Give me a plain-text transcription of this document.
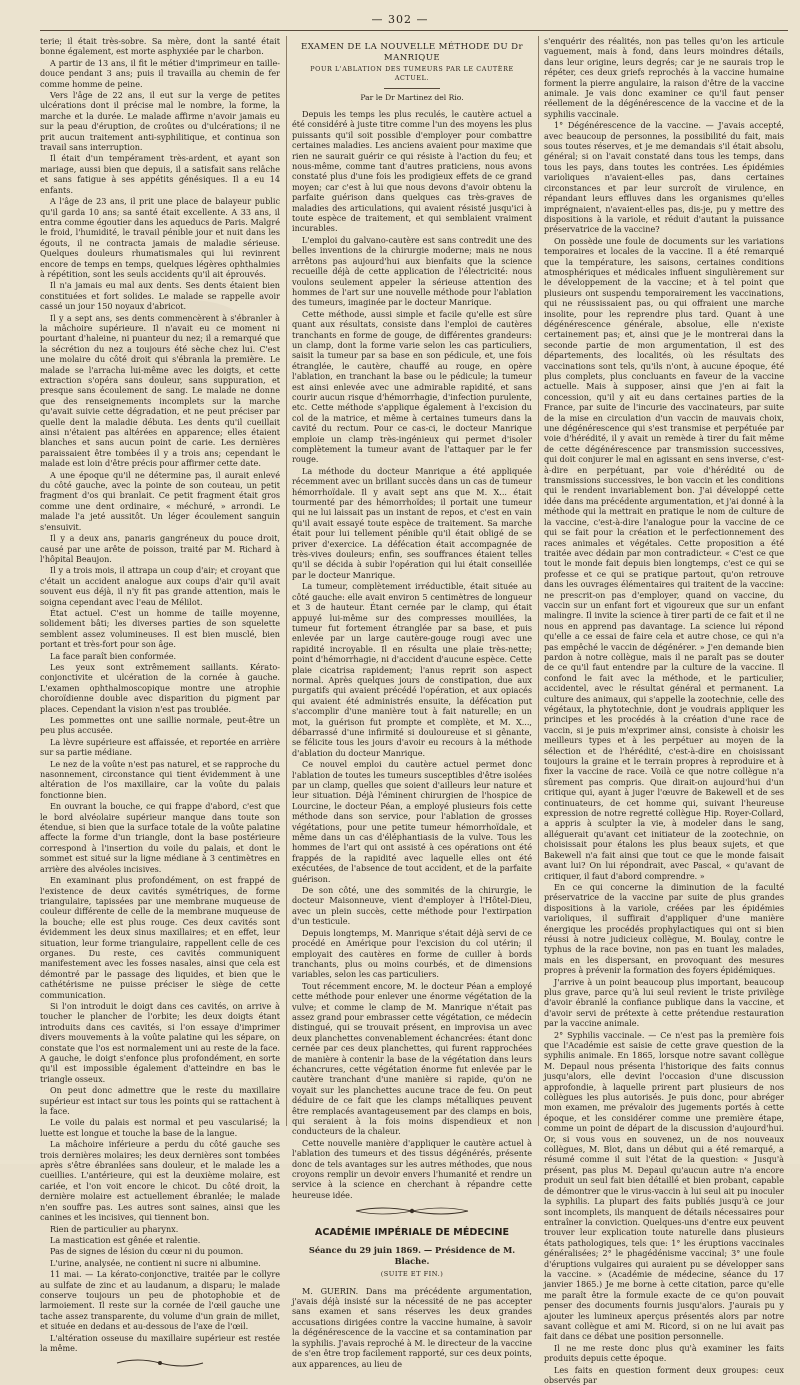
— 302 —

terie; il était très-sobre. Sa mère, dont la santé était bonne également, est morte asphyxiée par le charbon.

A partir de 13 ans, il fit le métier d'imprimeur en taille-douce pendant 3 ans; puis il travailla au chemin de fer comme homme de peine.

Vers l'âge de 22 ans, il eut sur la verge de petites ulcérations dont il précise mal le nombre, la forme, la marche et la durée. Le malade affirme n'avoir jamais eu sur la peau d'éruption, de croûtes ou d'ulcérations; il ne prit aucun traitement anti-syphilitique, et continua son travail sans interruption.

Il était d'un tempérament très-ardent, et ayant son mariage, aussi bien que depuis, il a satisfait sans relâche et sans fatigue à ses appétits génésiques. Il a eu 14 enfants.

A l'âge de 23 ans, il prit une place de balayeur public qu'il garda 10 ans; sa santé était excellente. A 33 ans, il entra comme égoutier dans les aqueducs de Paris. Malgré le froid, l'humidité, le travail pénible jour et nuit dans les égouts, il ne contracta jamais de maladie sérieuse. Quelques douleurs rhumatismales qui lui revinrent encore de temps en temps, quelques légères ophthalmies à répétition, sont les seuls accidents qu'il ait éprouvés.

Il n'a jamais eu mal aux dents. Ses dents étaient bien constituées et fort solides. Le malade se rappelle avoir cassé un jour 150 noyaux d'abricot.

Il y a sept ans, ses dents commencèrent à s'ébranler à la mâchoire supérieure. Il n'avait eu ce moment ni pourtant d'haleine, ni puanteur du nez; il a remarqué que la sécrétion du nez a toujours été sèche chez lui. C'est une molaire du côté droit qui s'ébranla la première. Le malade se l'arracha lui-même avec les doigts, et cette extraction s'opéra sans douleur, sans suppuration, et presque sans écoulement de sang. Le malade ne donne que des renseignements incomplets sur la marche qu'avait suivie cette dégradation, et ne peut préciser par quelle dent la maladie débuta. Les dents qu'il cueillait ainsi n'étaient pas altérées en apparence; elles étaient blanches et sans aucun point de carie. Les dernières paraissaient être tombées il y a trois ans; cependant le malade est loin d'être précis pour affirmer cette date.

A une époque qu'il ne détermine pas, il aurait enlevé du côté gauche, avec la pointe de son couteau, un petit fragment d'os qui branlait. Ce petit fragment était gros comme une dent ordinaire, « méchuré, » arrondi. Le malade l'a jeté aussitôt. Un léger écoulement sanguin s'ensuivit.

Il y a deux ans, panaris gangréneux du pouce droit, causé par une arête de poisson, traité par M. Richard à l'hôpital Beaujon.

Il y a trois mois, il attrapa un coup d'air; et croyant que c'était un accident analogue aux coups d'air qu'il avait souvent eus déjà, il n'y fit pas grande attention, mais le soigna cependant avec l'eau de Mélilot.

État actuel. C'est un homme de taille moyenne, solidement bâti; les diverses parties de son squelette semblent assez volumineuses. Il est bien musclé, bien portant et très-fort pour son âge.

La face paraît bien conformée.

Les yeux sont extrêmement saillants. Kérato-conjonctivite et ulcération de la cornée à gauche. L'examen ophthalmoscopique montre une atrophie choroïdienne double avec disparition du pigment par places. Cependant la vision n'est pas troublée.

Les pommettes ont une saillie normale, peut-être un peu plus accusée.

La lèvre supérieure est affaissée, et reportée en arrière sur sa partie médiane.

Le nez de la voûte n'est pas naturel, et se rapproche du nasonnement, circonstance qui tient évidemment à une altération de l'os maxillaire, car la voûte du palais fonctionne bien.

En ouvrant la bouche, ce qui frappe d'abord, c'est que le bord alvéolaire supérieur manque dans toute son étendue, si bien que la surface totale de la voûte palatine affecte la forme d'un triangle, dont la base postérieure correspond à l'insertion du voile du palais, et dont le sommet est situé sur la ligne médiane à 3 centimètres en arrière des alvéoles incisives.

En examinant plus profondément, on est frappé de l'existence de deux cavités symétriques, de forme triangulaire, tapissées par une membrane muqueuse de couleur différente de celle de la membrane muqueuse de la bouche; elle est plus rouge. Ces deux cavités sont évidemment les deux sinus maxillaires; et en effet, leur situation, leur forme triangulaire, rappellent celle de ces organes. Du reste, ces cavités communiquent manifestement avec les fosses nasales, ainsi que cela est démontré par le passage des liquides, et bien que le cathétérisme ne puisse préciser le siège de cette communication.

Si l'on introduit le doigt dans ces cavités, on arrive à toucher le plancher de l'orbite; les deux doigts étant introduits dans ces cavités, si l'on essaye d'imprimer divers mouvements à la voûte palatine qui les sépare, on constate que l'os est normalement uni au reste de la face. A gauche, le doigt s'enfonce plus profondément, en sorte qu'il est impossible également d'atteindre en bas le triangle osseux.

On peut donc admettre que le reste du maxillaire supérieur est intact sur tous les points qui se rattachent à la face.

Le voile du palais est normal et peu vascularisé; la luette est longue et touche la base de la langue.

La mâchoire inférieure a perdu du côté gauche ses trois dernières molaires; les deux dernières sont tombées après s'être ébranlées sans douleur, et le malade les a cueillies. L'antérieure, qui est la deuxième molaire, est cariée, et l'on voit encore le chicot. Du côté droit, la dernière molaire est actuellement ébranlée; le malade n'en souffre pas. Les autres sont saines, ainsi que les canines et les incisives, qui tiennent bon.

Rien de particulier au pharynx.

La mastication est gênée et ralentie.

Pas de signes de lésion du cœur ni du poumon.

L'urine, analysée, ne contient ni sucre ni albumine.

11 mai. — La kérato-conjonctive, traitée par le collyre au sulfate de zinc et au laudanum, a disparu; le malade conserve toujours un peu de photophobie et de larmoiement. Il reste sur la cornée de l'œil gauche une tache assez transparente, du volume d'un grain de millet, et située en dedans et au-dessous de l'axe de l'œil.

L'altération osseuse du maxillaire supérieur est restée la même.

EXAMEN DE LA NOUVELLE MÉTHODE DU Dr MANRIQUE
POUR L'ABLATION DES TUMEURS PAR LE CAUTÈRE ACTUEL.
Par le Dr Martinez del Rio.

Depuis les temps les plus reculés, le cautère actuel a été considéré à juste titre comme l'un des moyens les plus puissants qu'il soit possible d'employer pour combattre certaines maladies. Les anciens avaient pour maxime que rien ne saurait guérir ce qui résiste à l'action du feu; et nous-même, comme tant d'autres praticiens, nous avons constaté plus d'une fois les prodigieux effets de ce grand moyen; car c'est à lui que nous devons d'avoir obtenu la parfaite guérison dans quelques cas très-graves de maladies des articulations, qui avaient résisté jusqu'ici à toute espèce de traitement, et qui semblaient vraiment incurables.

L'emploi du galvano-cautère est sans contredit une des belles inventions de la chirurgie moderne; mais ne nous arrêtons pas aujourd'hui aux bienfaits que la science recueille déjà de cette application de l'électricité: nous voulons seulement appeler la sérieuse attention des hommes de l'art sur une nouvelle méthode pour l'ablation des tumeurs, imaginée par le docteur Manrique.

Cette méthode, aussi simple et facile qu'elle est sûre quant aux résultats, consiste dans l'emploi de cautères tranchants en forme de gouge, de différentes grandeurs: un clamp, dont la forme varie selon les cas particuliers, saisit la tumeur par sa base en son pédicule, et, une fois étranglée, le cautère, chauffé au rouge, en opère l'ablation, en tranchant la base ou le pédicule; la tumeur est ainsi enlevée avec une admirable rapidité, et sans courir aucun risque d'hémorrhagie, d'infection purulente, etc. Cette méthode s'applique également à l'excision du col de la matrice, et même à certaines tumeurs dans la cavité du rectum. Pour ce cas-ci, le docteur Manrique emploie un clamp très-ingénieux qui permet d'isoler complètement la tumeur avant de l'attaquer par le fer rouge.

La méthode du docteur Manrique a été appliquée récemment avec un brillant succès dans un cas de tumeur hémorrhoïdale. Il y avait sept ans que M. X... était tourmenté par des hémorrhoïdes; il portait une tumeur qui ne lui laissait pas un instant de repos, et c'est en vain qu'il avait essayé toute espèce de traitement. Sa marche était pour lui tellement pénible qu'il était obligé de se priver d'exercice. La défécation était accompagnée de très-vives douleurs; enfin, ses souffrances étaient telles qu'il se décida à subir l'opération qui lui était conseillée par le docteur Manrique.

La tumeur, complètement irréductible, était située au côté gauche: elle avait environ 5 centimètres de longueur et 3 de hauteur. Étant cernée par le clamp, qui était appuyé lui-même sur des compresses mouillées, la tumeur fut fortement étranglée par sa base, et puis enlevée par un large cautère-gouge rougi avec une rapidité incroyable. Il en résulta une plaie très-nette; point d'hémorrhagie, ni d'accident d'aucune espèce. Cette plaie cicatrisa rapidement; l'anus reprit son aspect normal. Après quelques jours de constipation, due aux purgatifs qui avaient précédé l'opération, et aux opiacés qui avaient été administrés ensuite, la défécation put s'accomplir d'une manière tout à fait naturelle; en un mot, la guérison fut prompte et complète, et M. X..., débarrassé d'une infirmité si douloureuse et si gênante, se félicite tous les jours d'avoir eu recours à la méthode d'ablation du docteur Manrique.

Ce nouvel emploi du cautère actuel permet donc l'ablation de toutes les tumeurs susceptibles d'être isolées par un clamp, quelles que soient d'ailleurs leur nature et leur situation. Déjà l'éminent chirurgien de l'hospice de Lourcine, le docteur Péan, a employé plusieurs fois cette méthode dans son service, pour l'ablation de grosses végétations, pour une petite tumeur hémorrhoïdale, et même dans un cas d'éléphantiasis de la vulve. Tous les hommes de l'art qui ont assisté à ces opérations ont été frappés de la rapidité avec laquelle elles ont été exécutées, de l'absence de tout accident, et de la parfaite guérison.

De son côté, une des sommités de la chirurgie, le docteur Maisonneuve, vient d'employer à l'Hôtel-Dieu, avec un plein succès, cette méthode pour l'extirpation d'un testicule.

Depuis longtemps, M. Manrique s'était déjà servi de ce procédé en Amérique pour l'excision du col utérin; il employait des cautères en forme de cuiller à bords tranchants, plus ou moins courbés, et de dimensions variables, selon les cas particuliers.

Tout récemment encore, M. le docteur Péan a employé cette méthode pour enlever une énorme végétation de la vulve; et comme le clamp de M. Manrique n'était pas assez grand pour embrasser cette végétation, ce médecin distingué, qui se trouvait présent, en improvisa un avec deux planchettes convenablement échancrées: étant donc cernée par ces deux planchettes, qui furent rapprochées de manière à contenir la base de la végétation dans leurs échancrures, cette végétation énorme fut enlevée par le cautère tranchant d'une manière si rapide, qu'on ne voyait sur les planchettes aucune trace de feu. On peut déduire de ce fait que les clamps métalliques peuvent être remplacés avantageusement par des clamps en bois, qui seraient à la fois moins dispendieux et non conducteurs de la chaleur.

Cette nouvelle manière d'appliquer le cautère actuel à l'ablation des tumeurs et des tissus dégénérés, présente donc de tels avantages sur les autres méthodes, que nous croyons remplir un devoir envers l'humanité et rendre un service à la science en cherchant à répandre cette heureuse idée.

ACADÉMIE IMPÉRIALE DE MÉDECINE
Séance du 29 juin 1869. — Présidence de M. Blache.
(SUITE ET FIN.)

M. GUERIN. Dans ma précédente argumentation, j'avais déjà insisté sur la nécessité de ne pas accepter sans examen et sans réserves les deux grandes accusations dirigées contre la vaccine humaine, à savoir la dégénérescence de la vaccine et sa contamination par la syphilis. J'avais reproché à M. le directeur de la vaccine de s'en être trop facilement rapporté, sur ces deux points, aux apparences, au lieu de

s'enquérir des réalités, non pas telles qu'on les articule vaguement, mais à fond, dans leurs moindres détails, dans leur origine, leurs degrés; car je ne saurais trop le répéter, ces deux griefs reprochés à la vaccine humaine forment la pierre angulaire, la raison d'être de la vaccine animale. Je vais donc examiner ce qu'il faut penser réellement de la dégénérescence de la vaccine et de la syphilis vaccinale.

1° Dégénérescence de la vaccine. — J'avais accepté, avec beaucoup de personnes, la possibilité du fait, mais sous toutes réserves, et je me demandais s'il était absolu, général; si on l'avait constaté dans tous les temps, dans tous les pays, dans toutes les contrées. Les épidémies varioliques n'avaient-elles pas, dans certaines circonstances et par leur surcroît de virulence, en répandant leurs effluves dans les organismes qu'elles imprégnaient, n'avaient-elles pas, dis-je, pu y mettre des dispositions à la variole, et réduit d'autant la puissance préservatrice de la vaccine?

On possède une foule de documents sur les variations temporaires et locales de la vaccine. Il a été remarqué que la température, les saisons, certaines conditions atmosphériques et médicales influent singulièrement sur le développement de la vaccine; et à tel point que plusieurs ont suspendu temporairement les vaccinations, qui ne réussissaient pas, ou qui offraient une marche insolite, pour les reprendre plus tard. Quant à une dégénérescence générale, absolue, elle n'existe certainement pas; et, ainsi que je le montrerai dans la seconde partie de mon argumentation, il est des départements, des localités, où les résultats des vaccinations sont tels, qu'ils n'ont, à aucune époque, été plus complets, plus concluants en faveur de la vaccine actuelle. Mais à supposer, ainsi que j'en ai fait la concession, qu'il y ait eu dans certaines parties de la France, par suite de l'incurie des vaccinateurs, par suite de la mise en circulation d'un vaccin de mauvais choix, une dégénérescence qui s'est transmise et perpétuée par voie d'hérédité, il y avait un remède à tirer du fait même de cette dégénérescence par transmission successives, qui doit conjurer le mal en agissant en sens inverse, c'est-à-dire en perpétuant, par voie d'hérédité ou de transmissions successives, le bon vaccin et les conditions qui le rendent invariablement bon. J'ai développé cette idée dans ma précédente argumentation, et j'ai donné à la méthode qui la mettrait en pratique le nom de culture de la vaccine, c'est-à-dire l'analogue pour la vaccine de ce qui se fait pour la création et le perfectionnement des races animales et végétales. Cette proposition a été traitée avec dédain par mon contradicteur. « C'est ce que tout le monde fait depuis bien longtemps, c'est ce qui se professe et ce qui se pratique partout, qu'on retrouve dans les ouvrages élémentaires qui traitent de la vaccine: ne prescrit-on pas d'employer, quand on vaccine, du vaccin sur un enfant fort et vigoureux que sur un enfant malingre. Il invite la science à tirer parti de ce fait et il ne nous en apprend pas davantage. La science lui répond qu'elle a ce essai de faire cela et autre chose, ce qui n'a pas empêché le vaccin de dégénérer. » J'en demande bien pardon à notre collègue, mais il ne paraît pas se douter de ce qu'il faut entendre par la culture de la vaccine. Il confond le fait avec la méthode, et le particulier, accidentel, avec le résultat général et permanent. La culture des animaux, qui s'appelle la zootechnie, celle des végétaux, la phytotechnie, dont je voudrais appliquer les principes et les procédés à la création d'une race de vaccin, si je puis m'exprimer ainsi, consiste à choisir les meilleurs types et à les perpétuer au moyen de la sélection et de l'hérédité, c'est-à-dire en choisissant toujours la graine et le terrain propres à reproduire et à fixer la vaccine de race. Voilà ce que notre collègue n'a sûrement pas compris. Que dirait-on aujourd'hui d'un critique qui, ayant à juger l'œuvre de Bakewell et de ses continuateurs, de cet homme qui, suivant l'heureuse expression de notre regretté collègue Hip. Royer-Collard, a appris à sculpter la vie, à modeler dans le sang, alléguerait qu'avant cet initiateur de la zootechnie, on choisissait pour étalons les plus beaux sujets, et que Bakewell n'a fait ainsi que tout ce que le monde faisait avant lui? On lui répondrait, avec Pascal, « qu'avant de critiquer, il faut d'abord comprendre. »

En ce qui concerne la diminution de la faculté préservatrice de la vaccine par suite de plus grandes dispositions à la variole, créées par les épidémies varioliques, il suffirait d'appliquer d'une manière énergique les procédés prophylactiques qui ont si bien réussi à notre judicieux collègue, M. Boulay, contre le typhus de la race bovine, non pas en tuant les malades, mais en les dispersant, en provoquant des mesures propres à prévenir la formation des foyers épidémiques.

J'arrive à un point beaucoup plus important, beaucoup plus grave, parce qu'à lui seul revient le triste privilège d'avoir ébranlé la confiance publique dans la vaccine, et d'avoir servi de prétexte à cette prétendue restauration par la vaccine animale.

2° Syphilis vaccinale. — Ce n'est pas la première fois que l'Académie est saisie de cette grave question de la syphilis animale. En 1865, lorsque notre savant collègue M. Depaul nous présenta l'historique des faits connus jusqu'alors, elle devint l'occasion d'une discussion approfondie, à laquelle prirent part plusieurs de nos collègues les plus autorisés. Je puis donc, pour abréger mon examen, me prévaloir des jugements portés à cette époque, et les considérer comme une première étape, comme un point de départ de la discussion d'aujourd'hui. Or, si vous vous en souvenez, un de nos nouveaux collègues, M. Blot, dans un début qui a été remarqué, a résumé comme il suit l'état de la question: « Jusqu'à présent, pas plus M. Depaul qu'aucun autre n'a encore produit un seul fait bien détaillé et bien probant, capable de démontrer que le virus-vaccin à lui seul ait pu inoculer la syphilis. La plupart des faits publiés jusqu'à ce jour sont incomplets, ils manquent de détails nécessaires pour entraîner la conviction. Quelques-uns d'entre eux peuvent trouver leur explication toute naturelle dans plusieurs états pathologiques, tels que: 1° les éruptions vaccinales généralisées; 2° le phagédénisme vaccinal; 3° une foule d'éruptions vulgaires qui auraient pu se développer sans la vaccine. » (Académie de médecine, séance du 17 janvier 1865.) Je me borne à cette citation, parce qu'elle me paraît être la formule exacte de ce qu'on pouvait penser des documents fournis jusqu'alors. J'aurais pu y ajouter les lumineux aperçus présentés alors par notre savant collègue et ami M. Ricord, si on ne lui avait pas fait dans ce débat une position personnelle.

Il ne me reste donc plus qu'à examiner les faits produits depuis cette époque.

Les faits en question forment deux groupes: ceux observés par
